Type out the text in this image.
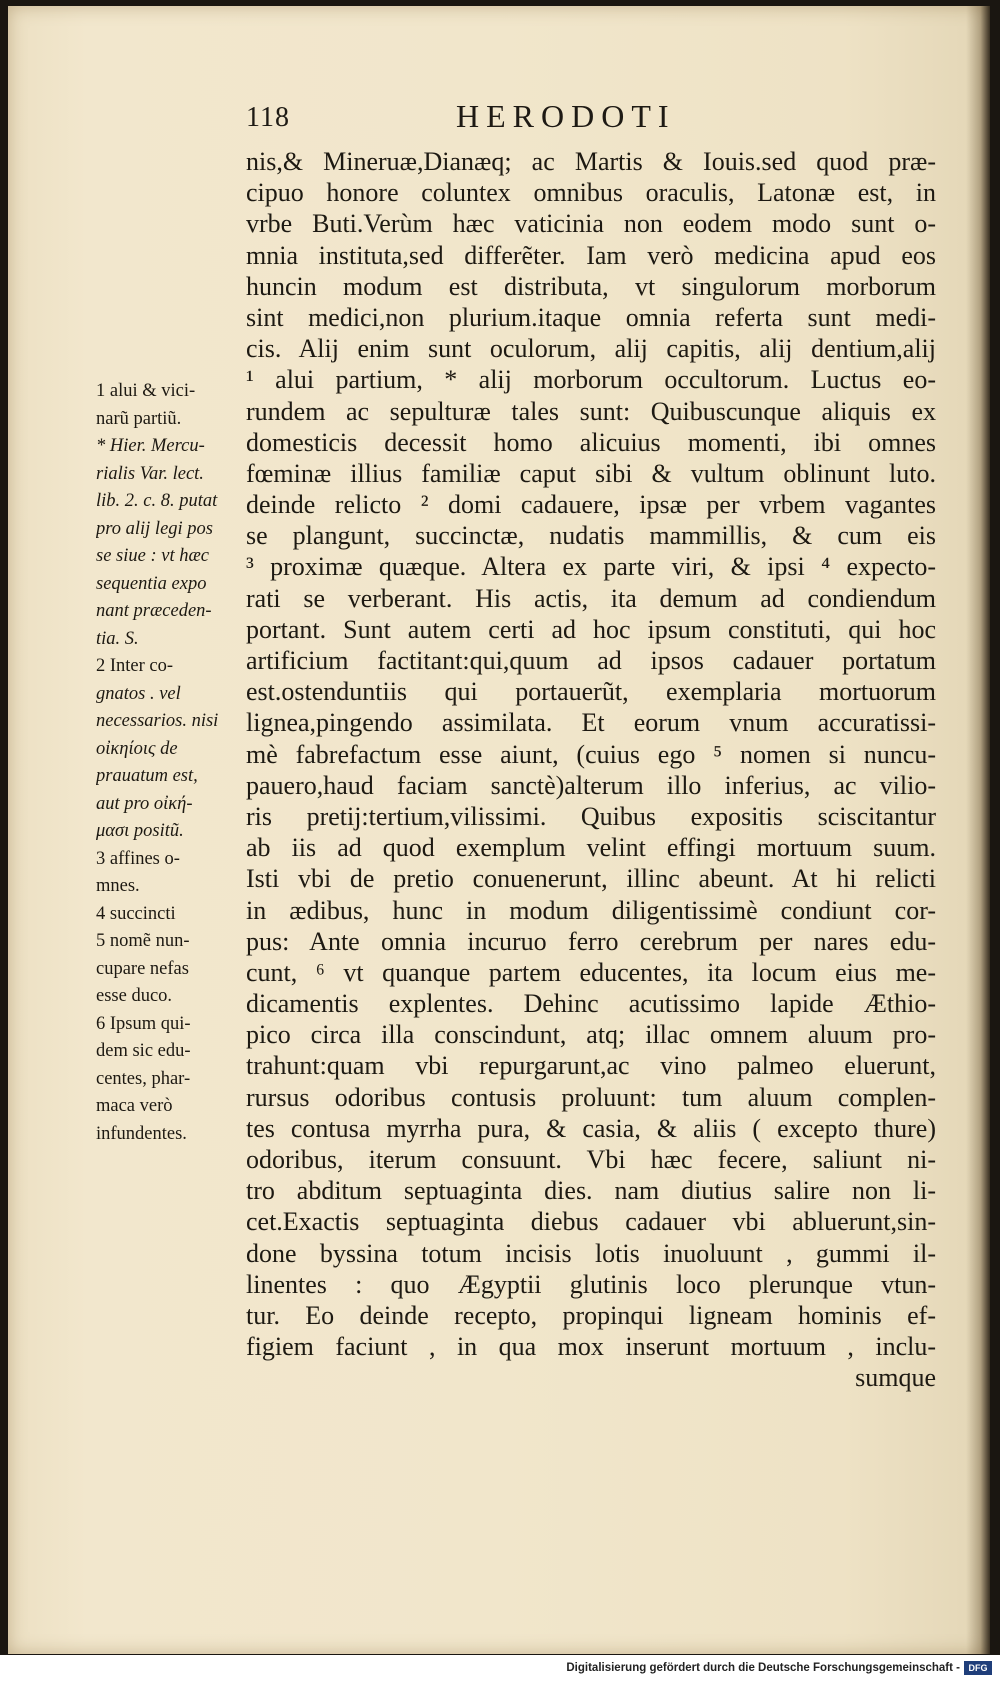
118	HERODOTI
nis,& Mineruæ,Dianæq; ac Martis & Iouis.sed quod præ-
cipuo honore coluntex omnibus oraculis, Latonæ est, in
vrbe Buti.Verùm hæc vaticinia non eodem modo sunt o-
mnia instituta,sed differẽter. Iam verò medicina apud eos
huncin modum est distributa, vt singulorum morborum
sint medici,non plurium.itaque omnia referta sunt medi-
cis. Alij enim sunt oculorum, alij capitis, alij dentium,alij
¹ alui partium, * alij morborum occultorum. Luctus eo-
rundem ac sepulturæ tales sunt: Quibuscunque aliquis ex
domesticis decessit homo alicuius momenti, ibi omnes
fœminæ illius familiæ caput sibi & vultum oblinunt luto.
deinde relicto ² domi cadauere, ipsæ per vrbem vagantes
se plangunt, succinctæ, nudatis mammillis, & cum eis
³ proximæ quæque. Altera ex parte viri, & ipsi ⁴ expecto-
rati se verberant. His actis, ita demum ad condiendum
portant. Sunt autem certi ad hoc ipsum constituti, qui hoc
artificium factitant:qui,quum ad ipsos cadauer portatum
est.ostenduntiis qui portauerũt, exemplaria mortuorum
lignea,pingendo assimilata. Et eorum vnum accuratissi-
mè fabrefactum esse aiunt, (cuius ego ⁵ nomen si nuncu-
pauero,haud faciam sanctè)alterum illo inferius, ac vilio-
ris pretij:tertium,vilissimi. Quibus expositis sciscitantur
ab iis ad quod exemplum velint effingi mortuum suum.
Isti vbi de pretio conuenerunt, illinc abeunt. At hi relicti
in ædibus, hunc in modum diligentissimè condiunt cor-
pus: Ante omnia incuruo ferro cerebrum per nares edu-
cunt, ⁶ vt quanque partem educentes, ita locum eius me-
dicamentis explentes. Dehinc acutissimo lapide Æthio-
pico circa illa conscindunt, atq; illac omnem aluum pro-
trahunt:quam vbi repurgarunt,ac vino palmeo eluerunt,
rursus odoribus contusis proluunt: tum aluum complen-
tes contusa myrrha pura, & casia, & aliis ( excepto thure)
odoribus, iterum consuunt. Vbi hæc fecere, saliunt ni-
tro abditum septuaginta dies. nam diutius salire non li-
cet.Exactis septuaginta diebus cadauer vbi abluerunt,sin-
done byssina totum incisis lotis inuoluunt , gummi il-
linentes : quo Ægyptii glutinis loco plerunque vtun-
tur. Eo deinde recepto, propinqui ligneam hominis ef-
figiem faciunt , in qua mox inserunt mortuum , inclu-
sumque
1 alui & vici-
narũ partiũ.
* Hier. Mercu-
rialis Var. lect.
lib. 2. c. 8. putat
pro alij legi pos
se siue : vt hæc
sequentia expo
nant præceden-
tia. S.
2 Inter co-
gnatos . vel
necessarios. nisi
οἰκηίοις de
prauatum est,
aut pro οἰκή-
μασι positũ.
3 affines o-
mnes.
4 succincti
5 nomẽ nun-
cupare nefas
esse duco.
6 Ipsum qui-
dem sic edu-
centes, phar-
maca verò
infundentes.
Digitalisierung gefördert durch die Deutsche Forschungsgemeinschaft - DFG
